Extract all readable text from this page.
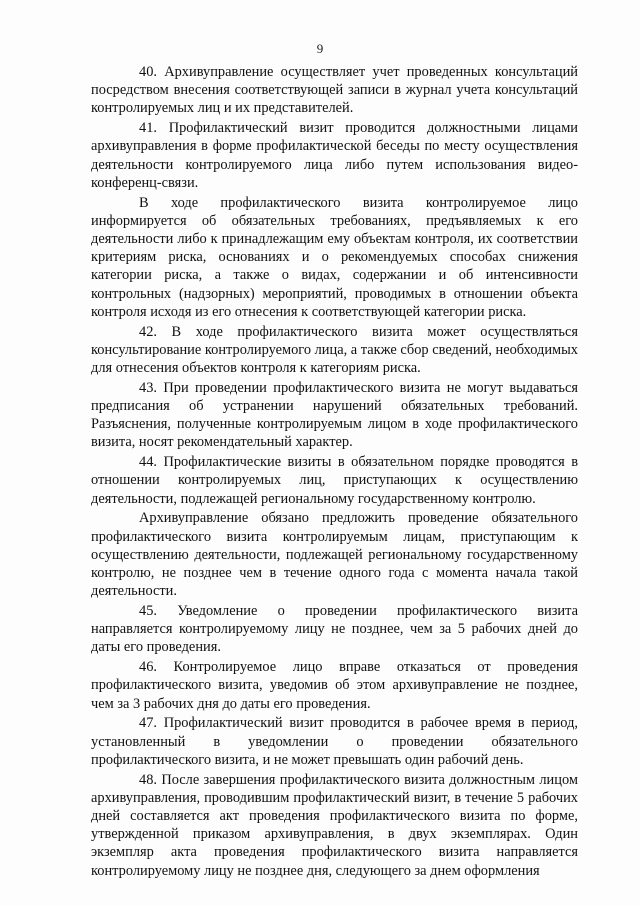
9

40. Архивуправление осуществляет учет проведенных консультаций посредством внесения соответствующей записи в журнал учета консультаций контролируемых лиц и их представителей.

41. Профилактический визит проводится должностными лицами архивуправления в форме профилактической беседы по месту осуществления деятельности контролируемого лица либо путем использования видео-конференц-связи.

В ходе профилактического визита контролируемое лицо информируется об обязательных требованиях, предъявляемых к его деятельности либо к принадлежащим ему объектам контроля, их соответствии критериям риска, основаниях и о рекомендуемых способах снижения категории риска, а также о видах, содержании и об интенсивности контрольных (надзорных) мероприятий, проводимых в отношении объекта контроля исходя из его отнесения к соответствующей категории риска.

42. В ходе профилактического визита может осуществляться консультирование контролируемого лица, а также сбор сведений, необходимых для отнесения объектов контроля к категориям риска.

43. При проведении профилактического визита не могут выдаваться предписания об устранении нарушений обязательных требований. Разъяснения, полученные контролируемым лицом в ходе профилактического визита, носят рекомендательный характер.

44. Профилактические визиты в обязательном порядке проводятся в отношении контролируемых лиц, приступающих к осуществлению деятельности, подлежащей региональному государственному контролю.

Архивуправление обязано предложить проведение обязательного профилактического визита контролируемым лицам, приступающим к осуществлению деятельности, подлежащей региональному государственному контролю, не позднее чем в течение одного года с момента начала такой деятельности.

45. Уведомление о проведении профилактического визита направляется контролируемому лицу не позднее, чем за 5 рабочих дней до даты его проведения.

46. Контролируемое лицо вправе отказаться от проведения профилактического визита, уведомив об этом архивуправление не позднее, чем за 3 рабочих дня до даты его проведения.

47. Профилактический визит проводится в рабочее время в период, установленный в уведомлении о проведении обязательного профилактического визита, и не может превышать один рабочий день.

48. После завершения профилактического визита должностным лицом архивуправления, проводившим профилактический визит, в течение 5 рабочих дней составляется акт проведения профилактического визита по форме, утвержденной приказом архивуправления, в двух экземплярах. Один экземпляр акта проведения профилактического визита направляется контролируемому лицу не позднее дня, следующего за днем оформления
